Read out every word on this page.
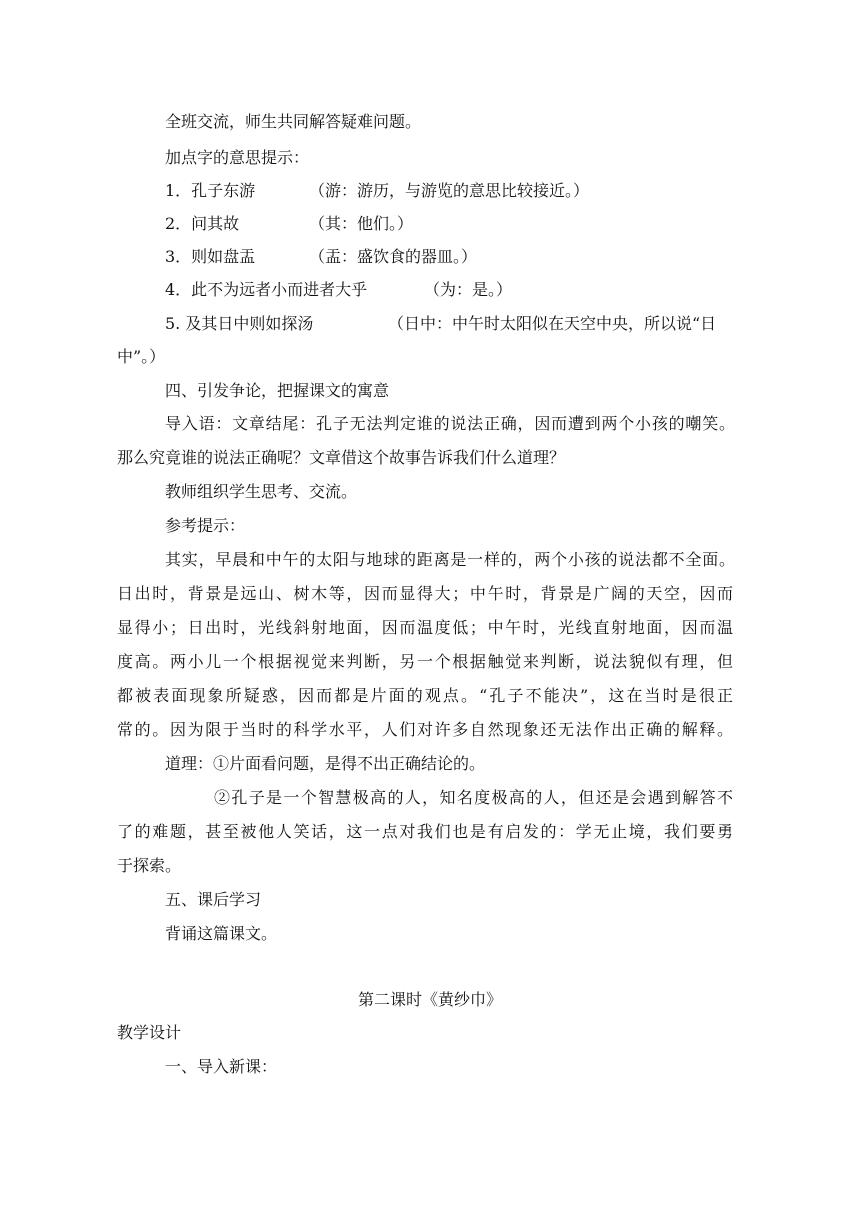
全班交流，师生共同解答疑难问题。
加点字的意思提示：
1．孔子东游	（游：游历，与游览的意思比较接近。）
2．问其故	（其：他们。）
3．则如盘盂	（盂：盛饮食的器皿。）
4．此不为远者小而进者大乎	（为：是。）
5. 及其日中则如探汤	（日中：中午时太阳似在天空中央，所以说“日
中”。）
四、引发争论，把握课文的寓意
导入语：文章结尾：孔子无法判定谁的说法正确，因而遭到两个小孩的嘲笑。
那么究竟谁的说法正确呢？文章借这个故事告诉我们什么道理？
教师组织学生思考、交流。
参考提示：
其实，早晨和中午的太阳与地球的距离是一样的，两个小孩的说法都不全面。
日出时，背景是远山、树木等，因而显得大；中午时，背景是广阔的天空，因而
显得小；日出时，光线斜射地面，因而温度低；中午时，光线直射地面，因而温
度高。两小儿一个根据视觉来判断，另一个根据触觉来判断，说法貌似有理，但
都被表面现象所疑惑，因而都是片面的观点。“孔子不能决”，这在当时是很正
常的。因为限于当时的科学水平，人们对许多自然现象还无法作出正确的解释。
道理：①片面看问题，是得不出正确结论的。
②孔子是一个智慧极高的人，知名度极高的人，但还是会遇到解答不
了的难题，甚至被他人笑话，这一点对我们也是有启发的：学无止境，我们要勇
于探索。
五、课后学习
背诵这篇课文。
第二课时《黄纱巾》
教学设计
一、导入新课：
